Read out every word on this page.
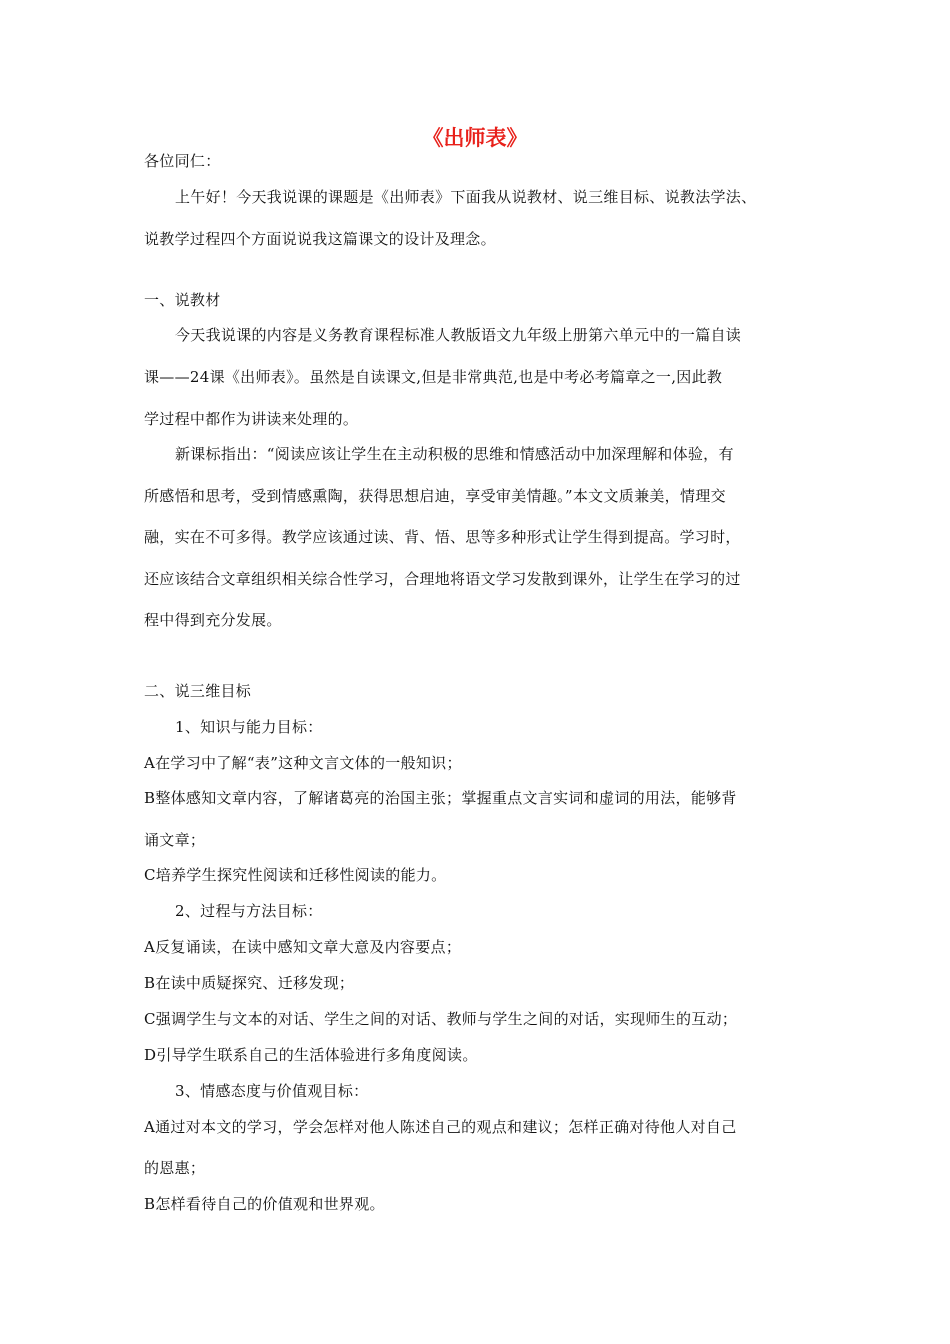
《出师表》
各位同仁：
上午好！今天我说课的课题是《出师表》下面我从说教材、说三维目标、说教法学法、
说教学过程四个方面说说我这篇课文的设计及理念。
一、说教材
今天我说课的内容是义务教育课程标准人教版语文九年级上册第六单元中的一篇自读
课——24课《出师表》。虽然是自读课文,但是非常典范,也是中考必考篇章之一,因此教
学过程中都作为讲读来处理的。
新课标指出：“阅读应该让学生在主动积极的思维和情感活动中加深理解和体验，有
所感悟和思考，受到情感熏陶，获得思想启迪，享受审美情趣。”本文文质兼美，情理交
融，实在不可多得。教学应该通过读、背、悟、思等多种形式让学生得到提高。学习时，
还应该结合文章组织相关综合性学习，合理地将语文学习发散到课外，让学生在学习的过
程中得到充分发展。
二、说三维目标
1、知识与能力目标：
A在学习中了解“表”这种文言文体的一般知识；
B整体感知文章内容，了解诸葛亮的治国主张；掌握重点文言实词和虚词的用法，能够背
诵文章；
C培养学生探究性阅读和迁移性阅读的能力。
2、过程与方法目标：
A反复诵读，在读中感知文章大意及内容要点；
B在读中质疑探究、迁移发现；
C强调学生与文本的对话、学生之间的对话、教师与学生之间的对话，实现师生的互动；
D引导学生联系自己的生活体验进行多角度阅读。
3、情感态度与价值观目标：
A通过对本文的学习，学会怎样对他人陈述自己的观点和建议；怎样正确对待他人对自己
的恩惠；
B怎样看待自己的价值观和世界观。
